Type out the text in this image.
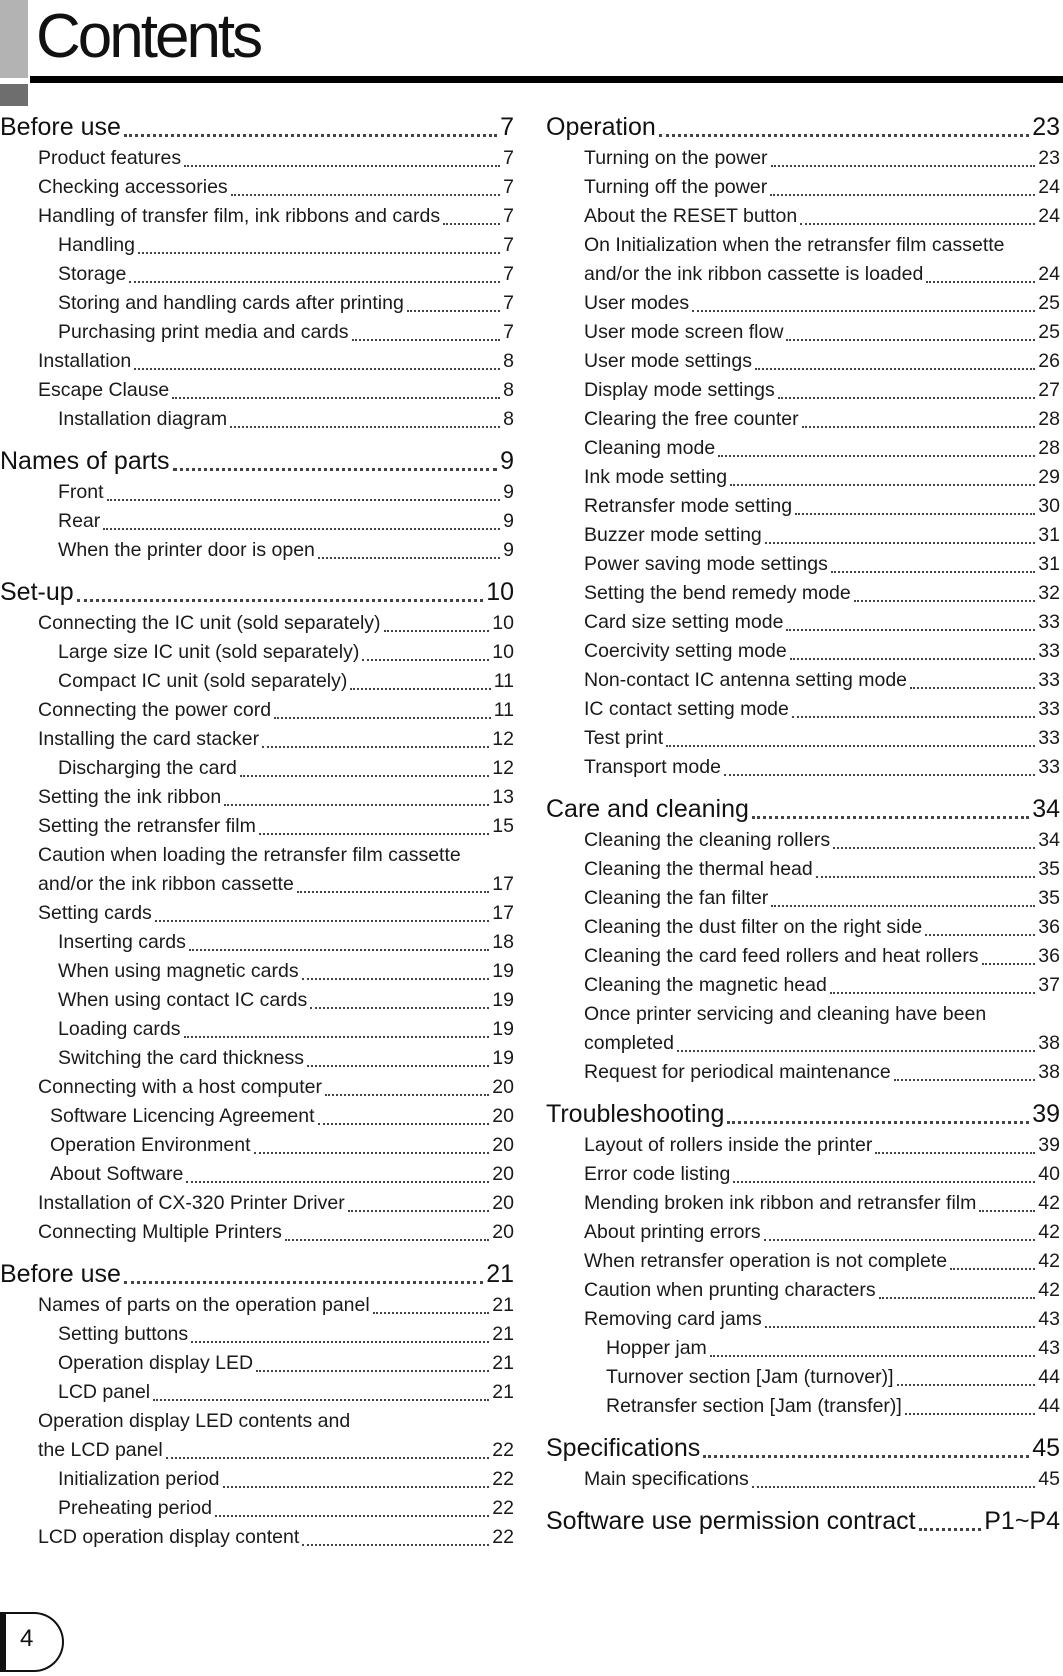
Contents
Before use	7
Product features	7
Checking accessories	7
Handling of transfer film, ink ribbons and cards	7
Handling	7
Storage	7
Storing and handling cards after printing	7
Purchasing print media and cards	7
Installation	8
Escape Clause	8
Installation diagram	8
Names of parts	9
Front	9
Rear	9
When the printer door is open	9
Set-up	10
Connecting the IC unit (sold separately)	10
Large size IC unit (sold separately)	10
Compact IC unit (sold separately)	11
Connecting the power cord	11
Installing the card stacker	12
Discharging the card	12
Setting the ink ribbon	13
Setting the retransfer film	15
Caution when loading the retransfer film cassette
and/or the ink ribbon cassette	17
Setting cards	17
Inserting cards	18
When using magnetic cards	19
When using contact IC cards	19
Loading cards	19
Switching the card thickness	19
Connecting with a host computer	20
Software Licencing Agreement	20
Operation Environment	20
About Software	20
Installation of CX-320 Printer Driver	20
Connecting Multiple Printers	20
Before use	21
Names of parts on the operation panel	21
Setting buttons	21
Operation display LED	21
LCD panel	21
Operation display LED contents and
the LCD panel	22
Initialization period	22
Preheating period	22
LCD operation display content	22
Operation	23
Turning on the power	23
Turning off the power	24
About the RESET button	24
On Initialization when the retransfer film cassette
and/or the ink ribbon cassette is loaded	24
User modes	25
User mode screen flow	25
User mode settings	26
Display mode settings	27
Clearing the free counter	28
Cleaning mode	28
Ink mode setting	29
Retransfer mode setting	30
Buzzer mode setting	31
Power saving mode settings	31
Setting the bend remedy mode	32
Card size setting mode	33
Coercivity setting mode	33
Non-contact IC antenna setting mode	33
IC contact setting mode	33
Test print	33
Transport mode	33
Care and cleaning	34
Cleaning the cleaning rollers	34
Cleaning the thermal head	35
Cleaning the fan filter	35
Cleaning the dust filter on the right side	36
Cleaning the card feed rollers and heat rollers	36
Cleaning the magnetic head	37
Once printer servicing and cleaning have been
completed	38
Request for periodical maintenance	38
Troubleshooting	39
Layout of rollers inside the printer	39
Error code listing	40
Mending broken ink ribbon and retransfer film	42
About printing errors	42
When retransfer operation is not complete	42
Caution when prunting characters	42
Removing card jams	43
Hopper jam	43
Turnover section [Jam (turnover)]	44
Retransfer section [Jam (transfer)]	44
Specifications	45
Main specifications	45
Software use permission contract	P1~P4
4
